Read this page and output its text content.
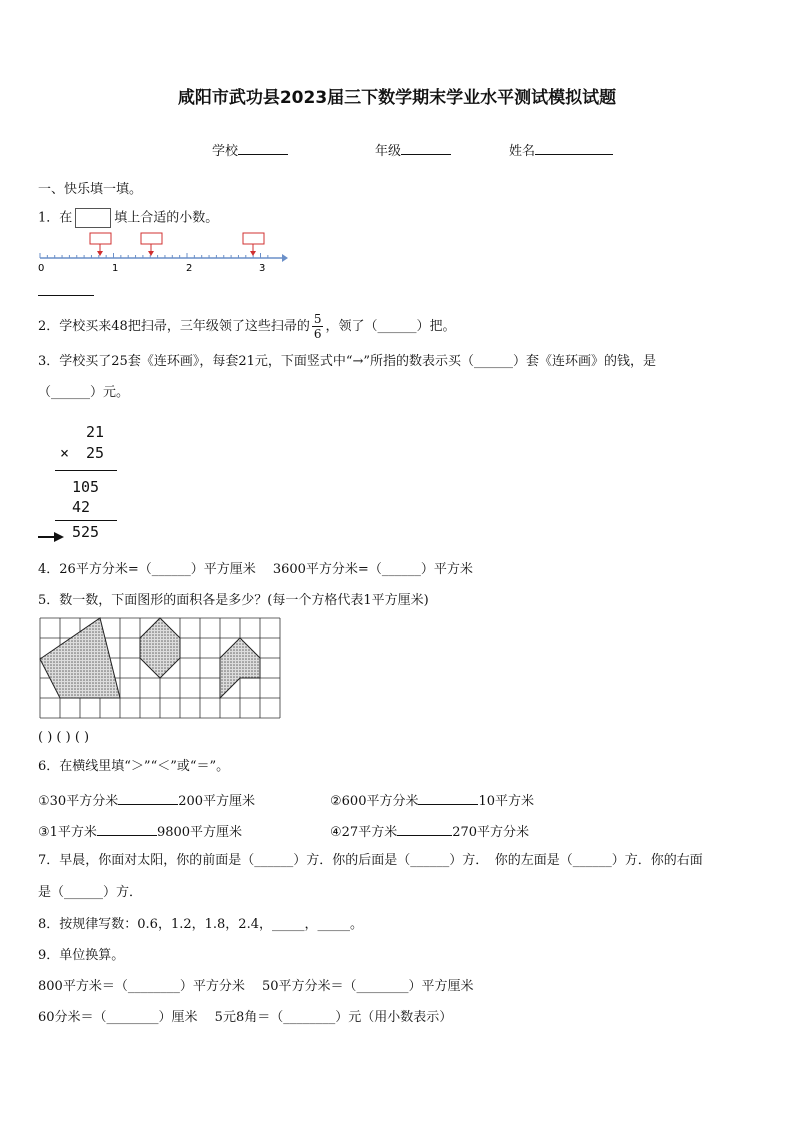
咸阳市武功县2023届三下数学期末学业水平测试模拟试题
学校	年级	姓名
一、快乐填一填。
1．在	填上合适的小数。
0	1	2	3
2．学校买来48把扫帚，三年级领了这些扫帚的 $\frac{5}{6}$ ，领了（______）把。
3．学校买了25套《连环画》，每套21元，下面竖式中“→”所指的数表示买（______）套《连环画》的钱，是
（______）元。
21
× 25
105
42
525
4．26平方分米=（______）平方厘米　 3600平方分米=（______）平方米
5．数一数，下面图形的面积各是多少？(每一个方格代表1平方厘米)
( ) ( ) ( )
6．在横线里填“＞”“＜”或“＝”。
①30平方分米	200平方厘米	②600平方分米	10平方米
③1平方米	9800平方厘米	④27平方米	270平方分米
7．早晨，你面对太阳，你的前面是（______）方．你的后面是（______）方．　你的左面是（______）方．你的右面
是（______）方．
8．按规律写数：0.6，1.2，1.8，2.4，_____，_____。
9．单位换算。
800平方米＝（________）平方分米　 50平方分米＝（________）平方厘米
60分米＝（________）厘米　 5元8角＝（________）元（用小数表示）
